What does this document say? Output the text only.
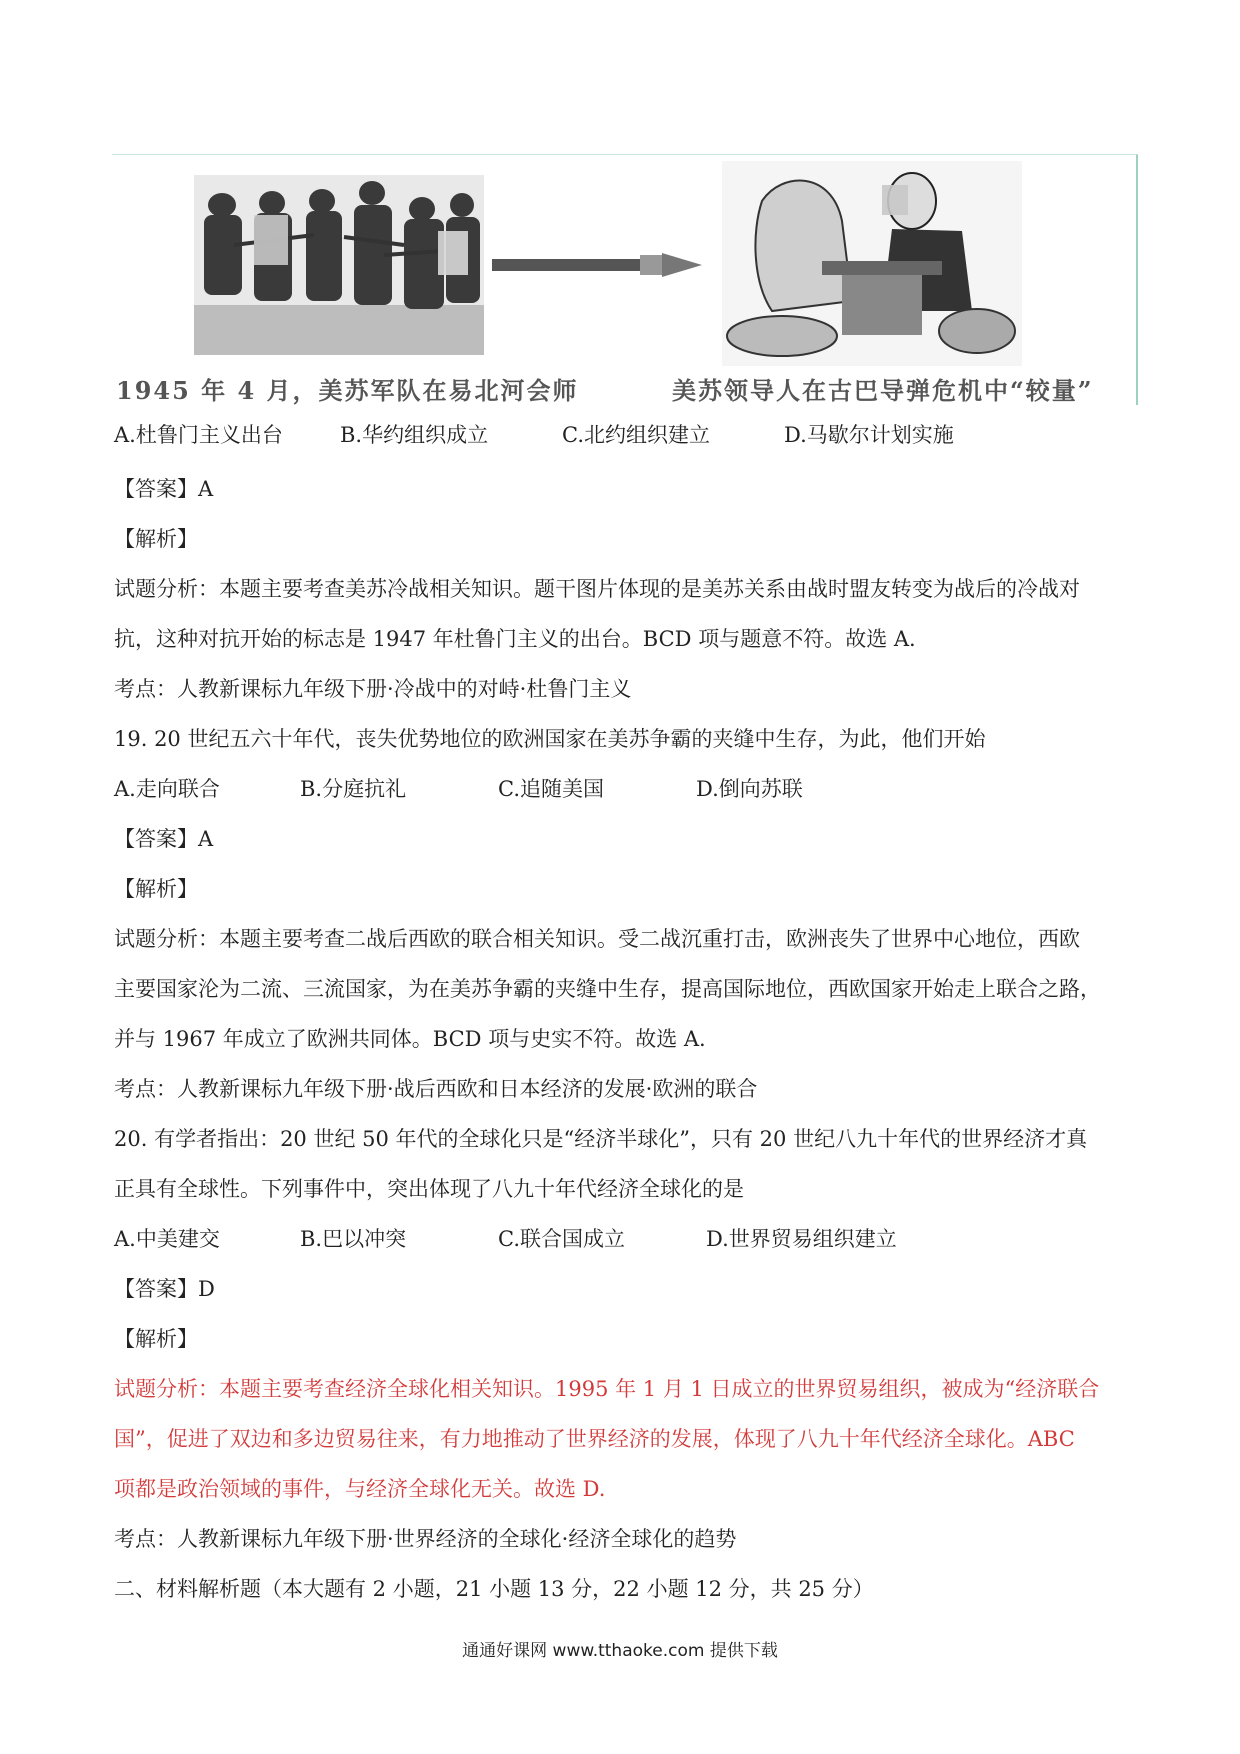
1945 年 4 月，美苏军队在易北河会师	美苏领导人在古巴导弹危机中“较量”
A.杜鲁门主义出台	B.华约组织成立	C.北约组织建立	D.马歇尔计划实施
【答案】A
【解析】
试题分析：本题主要考查美苏冷战相关知识。题干图片体现的是美苏关系由战时盟友转变为战后的冷战对
抗，这种对抗开始的标志是 1947 年杜鲁门主义的出台。BCD 项与题意不符。故选 A.
考点：人教新课标九年级下册·冷战中的对峙·杜鲁门主义
19. 20 世纪五六十年代，丧失优势地位的欧洲国家在美苏争霸的夹缝中生存，为此，他们开始
A.走向联合	B.分庭抗礼	C.追随美国	D.倒向苏联
【答案】A
【解析】
试题分析：本题主要考查二战后西欧的联合相关知识。受二战沉重打击，欧洲丧失了世界中心地位，西欧
主要国家沦为二流、三流国家，为在美苏争霸的夹缝中生存，提高国际地位，西欧国家开始走上联合之路，
并与 1967 年成立了欧洲共同体。BCD 项与史实不符。故选 A.
考点：人教新课标九年级下册·战后西欧和日本经济的发展·欧洲的联合
20. 有学者指出：20 世纪 50 年代的全球化只是“经济半球化”，只有 20 世纪八九十年代的世界经济才真
正具有全球性。下列事件中，突出体现了八九十年代经济全球化的是
A.中美建交	B.巴以冲突	C.联合国成立	D.世界贸易组织建立
【答案】D
【解析】
试题分析：本题主要考查经济全球化相关知识。1995 年 1 月 1 日成立的世界贸易组织，被成为“经济联合
国”，促进了双边和多边贸易往来，有力地推动了世界经济的发展，体现了八九十年代经济全球化。ABC
项都是政治领域的事件，与经济全球化无关。故选 D.
考点：人教新课标九年级下册·世界经济的全球化·经济全球化的趋势
二、材料解析题（本大题有 2 小题，21 小题 13 分，22 小题 12 分，共 25 分）
通通好课网 www.tthaoke.com 提供下载
